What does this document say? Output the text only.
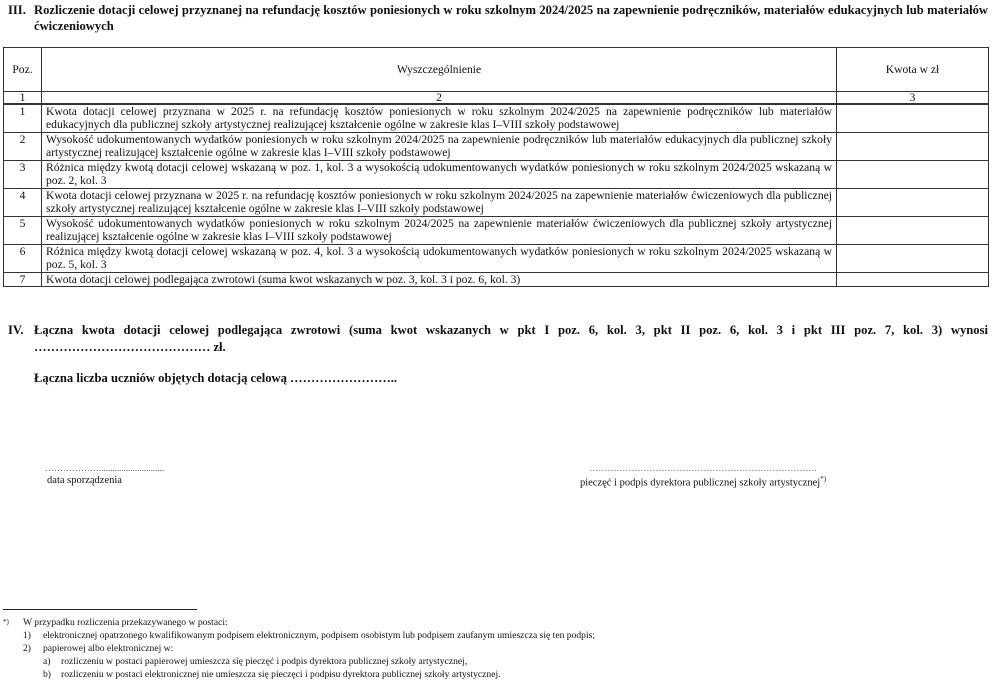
III. Rozliczenie dotacji celowej przyznanej na refundację kosztów poniesionych w roku szkolnym 2024/2025 na zapewnienie podręczników, materiałów edukacyjnych lub materiałów ćwiczeniowych
Poz.	Wyszczególnienie	Kwota w zł
1	2	3
1	Kwota dotacji celowej przyznana w 2025 r. na refundację kosztów poniesionych w roku szkolnym 2024/2025 na zapewnienie podręczników lub materiałów edukacyjnych dla publicznej szkoły artystycznej realizującej kształcenie ogólne w zakresie klas I–VIII szkoły podstawowej	
2	Wysokość udokumentowanych wydatków poniesionych w roku szkolnym 2024/2025 na zapewnienie podręczników lub materiałów edukacyjnych dla publicznej szkoły artystycznej realizującej kształcenie ogólne w zakresie klas I–VIII szkoły podstawowej	
3	Różnica między kwotą dotacji celowej wskazaną w poz. 1, kol. 3 a wysokością udokumentowanych wydatków poniesionych w roku szkolnym 2024/2025 wskazaną w poz. 2, kol. 3	
4	Kwota dotacji celowej przyznana w 2025 r. na refundację kosztów poniesionych w roku szkolnym 2024/2025 na zapewnienie materiałów ćwiczeniowych dla publicznej szkoły artystycznej realizującej kształcenie ogólne w zakresie klas I–VIII szkoły podstawowej	
5	Wysokość udokumentowanych wydatków poniesionych w roku szkolnym 2024/2025 na zapewnienie materiałów ćwiczeniowych dla publicznej szkoły artystycznej realizującej kształcenie ogólne w zakresie klas I–VIII szkoły podstawowej	
6	Różnica między kwotą dotacji celowej wskazaną w poz. 4, kol. 3 a wysokością udokumentowanych wydatków poniesionych w roku szkolnym 2024/2025 wskazaną w poz. 5, kol. 3	
7	Kwota dotacji celowej podlegająca zwrotowi (suma kwot wskazanych w poz. 3, kol. 3 i poz. 6, kol. 3)	
IV. Łączna kwota dotacji celowej podlegająca zwrotowi (suma kwot wskazanych w pkt I poz. 6, kol. 3, pkt II poz. 6, kol. 3 i pkt III poz. 7, kol. 3) wynosi …………………………………… zł.
Łączna liczba uczniów objętych dotacją celową ……………………..
……………….............................
data sporządzenia
………………………………………………………………….
pieczęć i podpis dyrektora publicznej szkoły artystycznej*)
*)	W przypadku rozliczenia przekazywanego w postaci:
1)	elektronicznej opatrzonego kwalifikowanym podpisem elektronicznym, podpisem osobistym lub podpisem zaufanym umieszcza się ten podpis;
2)	papierowej albo elektronicznej w:
a)	rozliczeniu w postaci papierowej umieszcza się pieczęć i podpis dyrektora publicznej szkoły artystycznej,
b)	rozliczeniu w postaci elektronicznej nie umieszcza się pieczęci i podpisu dyrektora publicznej szkoły artystycznej.
